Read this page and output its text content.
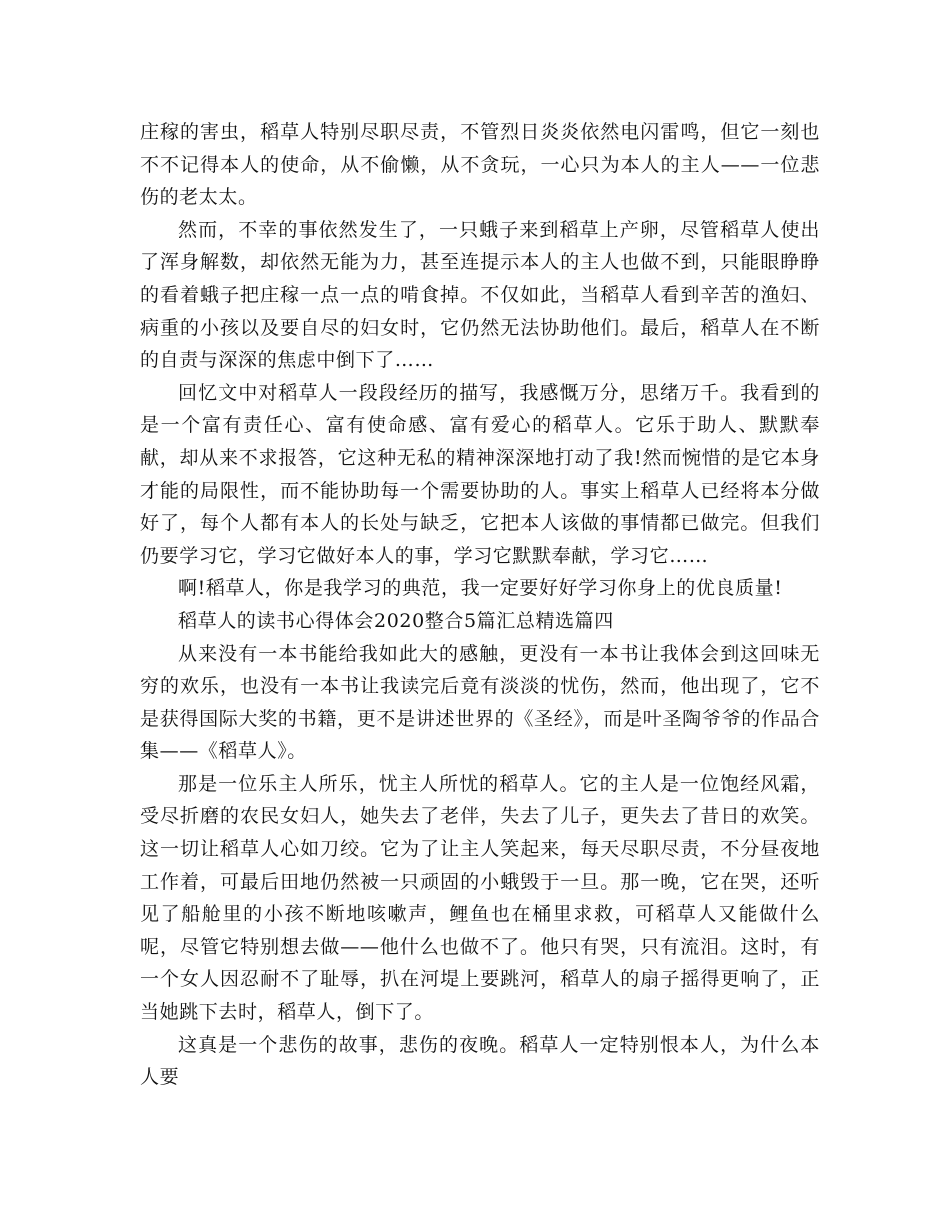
庄稼的害虫，稻草人特别尽职尽责，不管烈日炎炎依然电闪雷鸣，但它一刻也不不记得本人的使命，从不偷懒，从不贪玩，一心只为本人的主人——一位悲伤的老太太。

然而，不幸的事依然发生了，一只蛾子来到稻草上产卵，尽管稻草人使出了浑身解数，却依然无能为力，甚至连提示本人的主人也做不到，只能眼睁睁的看着蛾子把庄稼一点一点的啃食掉。不仅如此，当稻草人看到辛苦的渔妇、病重的小孩以及要自尽的妇女时，它仍然无法协助他们。最后，稻草人在不断的自责与深深的焦虑中倒下了……

回忆文中对稻草人一段段经历的描写，我感慨万分，思绪万千。我看到的是一个富有责任心、富有使命感、富有爱心的稻草人。它乐于助人、默默奉献，却从来不求报答，它这种无私的精神深深地打动了我!然而惋惜的是它本身才能的局限性，而不能协助每一个需要协助的人。事实上稻草人已经将本分做好了，每个人都有本人的长处与缺乏，它把本人该做的事情都已做完。但我们仍要学习它，学习它做好本人的事，学习它默默奉献，学习它……

啊!稻草人，你是我学习的典范，我一定要好好学习你身上的优良质量!

稻草人的读书心得体会2020整合5篇汇总精选篇四

从来没有一本书能给我如此大的感触，更没有一本书让我体会到这回味无穷的欢乐，也没有一本书让我读完后竟有淡淡的忧伤，然而，他出现了，它不是获得国际大奖的书籍，更不是讲述世界的《圣经》，而是叶圣陶爷爷的作品合集——《稻草人》。

那是一位乐主人所乐，忧主人所忧的稻草人。它的主人是一位饱经风霜，受尽折磨的农民女妇人，她失去了老伴，失去了儿子，更失去了昔日的欢笑。这一切让稻草人心如刀绞。它为了让主人笑起来，每天尽职尽责，不分昼夜地工作着，可最后田地仍然被一只顽固的小蛾毁于一旦。那一晚，它在哭，还听见了船舱里的小孩不断地咳嗽声，鲤鱼也在桶里求救，可稻草人又能做什么呢，尽管它特别想去做——他什么也做不了。他只有哭，只有流泪。这时，有一个女人因忍耐不了耻辱，扒在河堤上要跳河，稻草人的扇子摇得更响了，正当她跳下去时，稻草人，倒下了。

这真是一个悲伤的故事，悲伤的夜晚。稻草人一定特别恨本人，为什么本人要
